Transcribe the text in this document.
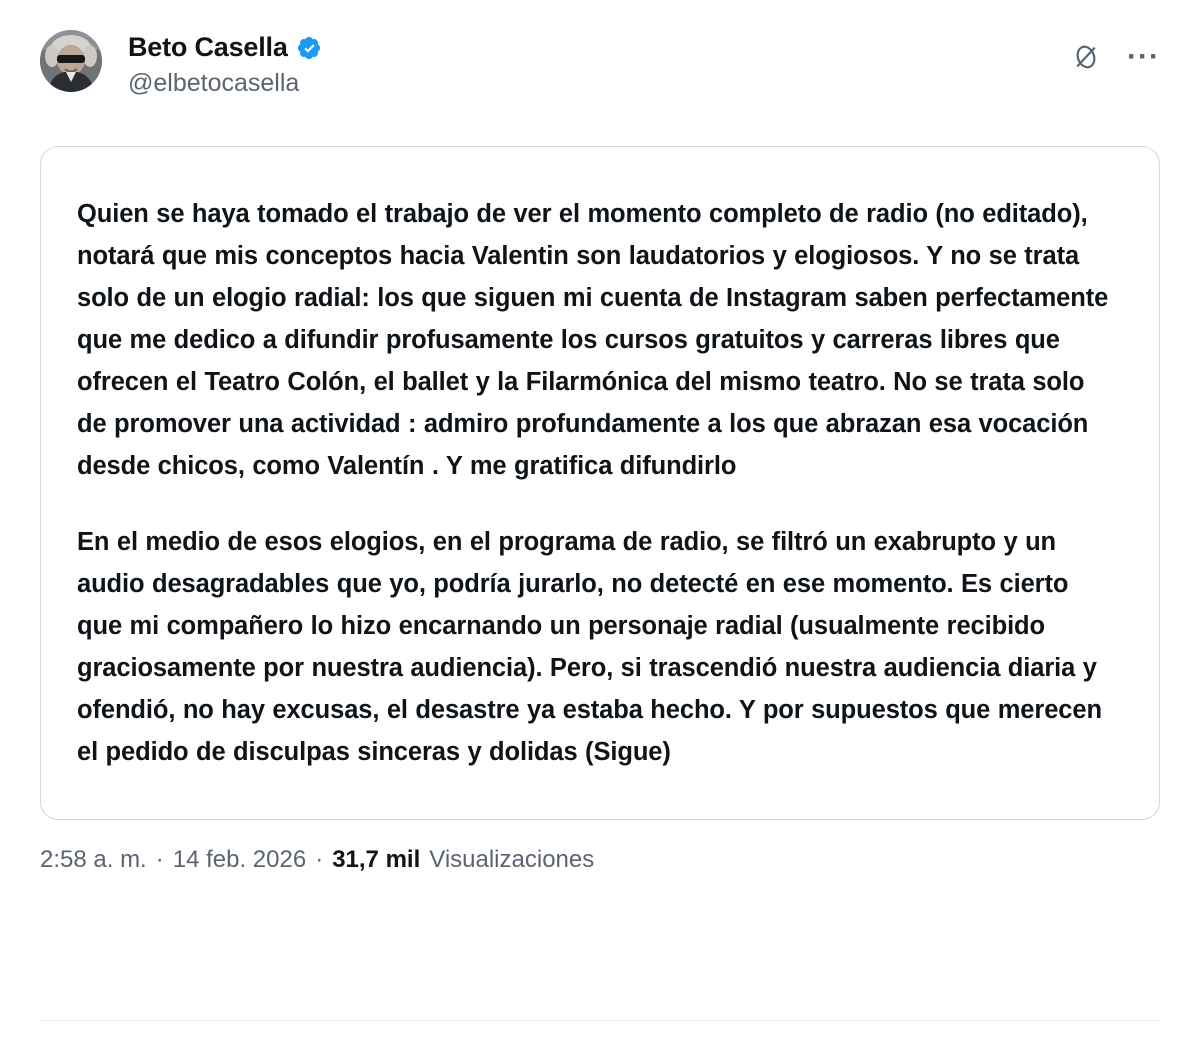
Beto Casella
@elbetocasella
···

Quien se haya tomado el trabajo de ver el momento completo de radio (no editado), notará que mis conceptos hacia Valentin son laudatorios y elogiosos. Y no se trata solo de un elogio radial: los que siguen mi cuenta de Instagram saben perfectamente que me dedico a difundir profusamente los cursos gratuitos y carreras libres que ofrecen el Teatro Colón, el ballet y la Filarmónica del mismo teatro. No se trata solo de promover una actividad : admiro profundamente a los que abrazan esa vocación desde chicos, como Valentín . Y me gratifica difundirlo

En el medio de esos elogios, en el programa de radio, se filtró un exabrupto y un audio desagradables que yo, podría jurarlo, no detecté en ese momento. Es cierto que mi compañero lo hizo encarnando un personaje radial (usualmente recibido graciosamente por nuestra audiencia). Pero, si trascendió nuestra audiencia diaria y ofendió, no hay excusas, el desastre ya estaba hecho. Y por supuestos que merecen el pedido de disculpas sinceras y dolidas (Sigue)

2:58 a. m. · 14 feb. 2026 · 31,7 mil Visualizaciones
